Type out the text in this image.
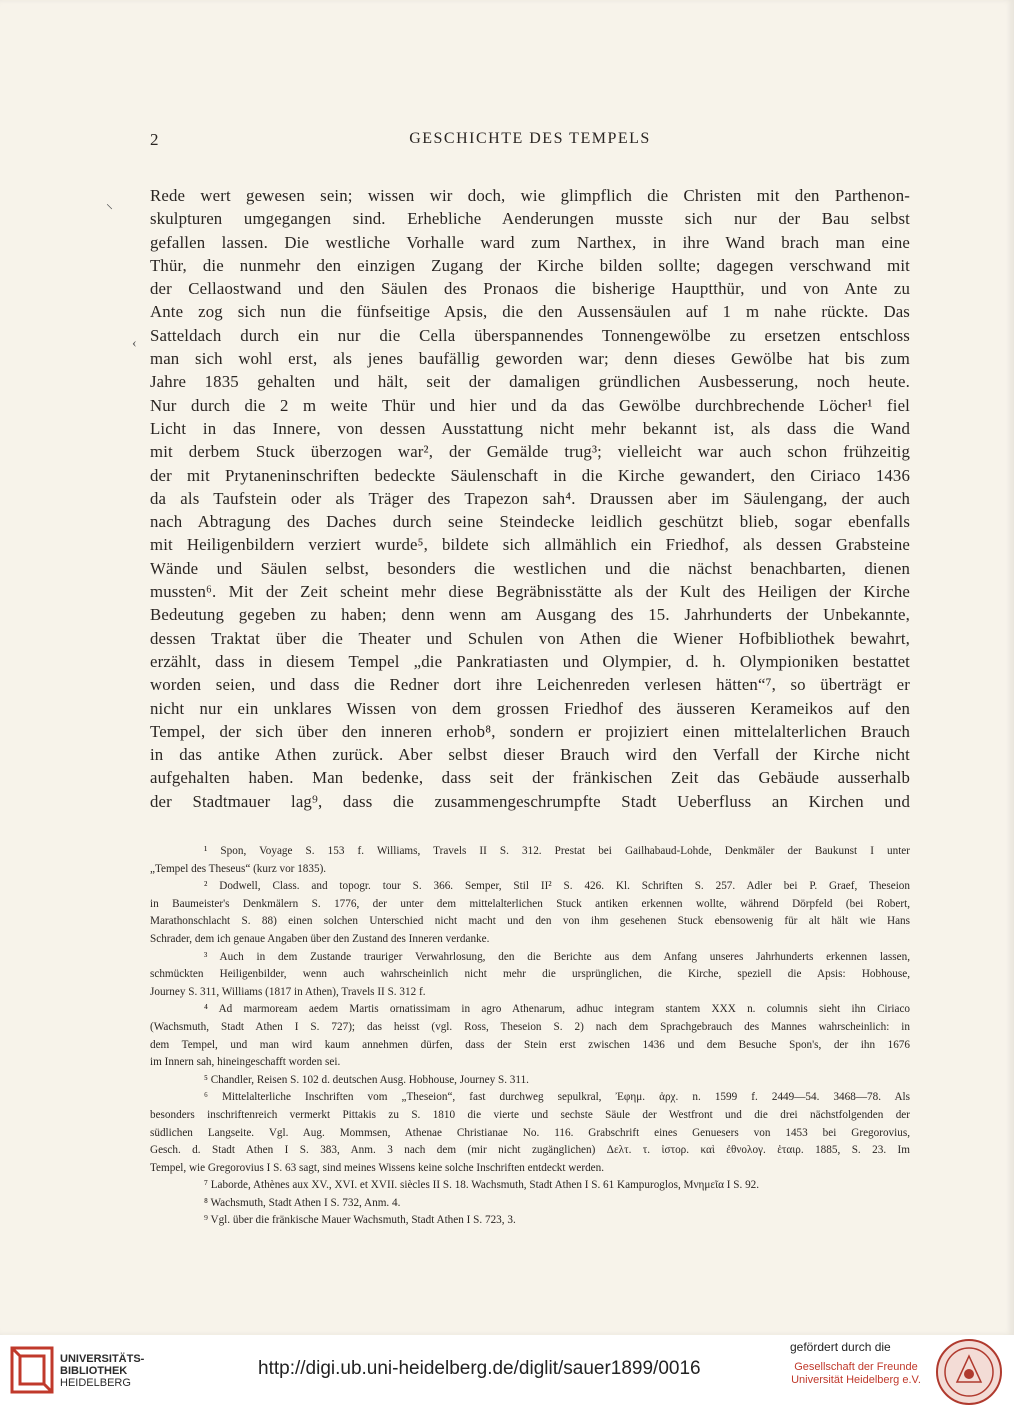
2	GESCHICHTE DES TEMPELS
Rede wert gewesen sein; wissen wir doch, wie glimpflich die Christen mit den Parthenon-
skulpturen umgegangen sind. Erhebliche Aenderungen musste sich nur der Bau selbst
gefallen lassen. Die westliche Vorhalle ward zum Narthex, in ihre Wand brach man eine
Thür, die nunmehr den einzigen Zugang der Kirche bilden sollte; dagegen verschwand mit
der Cellaostwand und den Säulen des Pronaos die bisherige Hauptthür, und von Ante zu
Ante zog sich nun die fünfseitige Apsis, die den Aussensäulen auf 1 m nahe rückte. Das
Satteldach durch ein nur die Cella überspannendes Tonnengewölbe zu ersetzen entschloss
man sich wohl erst, als jenes baufällig geworden war; denn dieses Gewölbe hat bis zum
Jahre 1835 gehalten und hält, seit der damaligen gründlichen Ausbesserung, noch heute.
Nur durch die 2 m weite Thür und hier und da das Gewölbe durchbrechende Löcher¹ fiel
Licht in das Innere, von dessen Ausstattung nicht mehr bekannt ist, als dass die Wand
mit derbem Stuck überzogen war², der Gemälde trug³; vielleicht war auch schon frühzeitig
der mit Prytaneninschriften bedeckte Säulenschaft in die Kirche gewandert, den Ciriaco 1436
da als Taufstein oder als Träger des Trapezon sah⁴. Draussen aber im Säulengang, der auch
nach Abtragung des Daches durch seine Steindecke leidlich geschützt blieb, sogar ebenfalls
mit Heiligenbildern verziert wurde⁵, bildete sich allmählich ein Friedhof, als dessen Grabsteine
Wände und Säulen selbst, besonders die westlichen und die nächst benachbarten, dienen
mussten⁶. Mit der Zeit scheint mehr diese Begräbnisstätte als der Kult des Heiligen der Kirche
Bedeutung gegeben zu haben; denn wenn am Ausgang des 15. Jahrhunderts der Unbekannte,
dessen Traktat über die Theater und Schulen von Athen die Wiener Hofbibliothek bewahrt,
erzählt, dass in diesem Tempel „die Pankratiasten und Olympier, d. h. Olympioniken bestattet
worden seien, und dass die Redner dort ihre Leichenreden verlesen hätten“⁷, so überträgt er
nicht nur ein unklares Wissen von dem grossen Friedhof des äusseren Kerameikos auf den
Tempel, der sich über den inneren erhob⁸, sondern er projiziert einen mittelalterlichen Brauch
in das antike Athen zurück. Aber selbst dieser Brauch wird den Verfall der Kirche nicht
aufgehalten haben. Man bedenke, dass seit der fränkischen Zeit das Gebäude ausserhalb
der Stadtmauer lag⁹, dass die zusammengeschrumpfte Stadt Ueberfluss an Kirchen und
¹ Spon, Voyage S. 153 f. Williams, Travels II S. 312. Prestat bei Gailhabaud-Lohde, Denkmäler der Baukunst I unter
„Tempel des Theseus“ (kurz vor 1835).
² Dodwell, Class. and topogr. tour S. 366. Semper, Stil II² S. 426. Kl. Schriften S. 257. Adler bei P. Graef, Theseion
in Baumeister's Denkmälern S. 1776, der unter dem mittelalterlichen Stuck antiken erkennen wollte, während Dörpfeld (bei Robert,
Marathonschlacht S. 88) einen solchen Unterschied nicht macht und den von ihm gesehenen Stuck ebensowenig für alt hält wie Hans
Schrader, dem ich genaue Angaben über den Zustand des Inneren verdanke.
³ Auch in dem Zustande trauriger Verwahrlosung, den die Berichte aus dem Anfang unseres Jahrhunderts erkennen lassen,
schmückten Heiligenbilder, wenn auch wahrscheinlich nicht mehr die ursprünglichen, die Kirche, speziell die Apsis: Hobhouse,
Journey S. 311, Williams (1817 in Athen), Travels II S. 312 f.
⁴ Ad marmoream aedem Martis ornatissimam in agro Athenarum, adhuc integram stantem XXX n. columnis sieht ihn Ciriaco
(Wachsmuth, Stadt Athen I S. 727); das heisst (vgl. Ross, Theseion S. 2) nach dem Sprachgebrauch des Mannes wahrscheinlich: in
dem Tempel, und man wird kaum annehmen dürfen, dass der Stein erst zwischen 1436 und dem Besuche Spon's, der ihn 1676
im Innern sah, hineingeschafft worden sei.
⁵ Chandler, Reisen S. 102 d. deutschen Ausg. Hobhouse, Journey S. 311.
⁶ Mittelalterliche Inschriften vom „Theseion“, fast durchweg sepulkral, Ἐφημ. ἀρχ. n. 1599 f. 2449—54. 3468—78. Als
besonders inschriftenreich vermerkt Pittakis zu S. 1810 die vierte und sechste Säule der Westfront und die drei nächstfolgenden der
südlichen Langseite. Vgl. Aug. Mommsen, Athenae Christianae No. 116. Grabschrift eines Genuesers von 1453 bei Gregorovius,
Gesch. d. Stadt Athen I S. 383, Anm. 3 nach dem (mir nicht zugänglichen) Δελτ. τ. ἱστορ. καὶ ἐθνολογ. ἑταιρ. 1885, S. 23. Im
Tempel, wie Gregorovius I S. 63 sagt, sind meines Wissens keine solche Inschriften entdeckt werden.
⁷ Laborde, Athènes aux XV., XVI. et XVII. siècles II S. 18. Wachsmuth, Stadt Athen I S. 61 Kampuroglos, Μνημεῖα I S. 92.
⁸ Wachsmuth, Stadt Athen I S. 732, Anm. 4.
⁹ Vgl. über die fränkische Mauer Wachsmuth, Stadt Athen I S. 723, 3.
⸌
‹
UNIVERSITÄTS-
BIBLIOTHEK
HEIDELBERG
http://digi.ub.uni-heidelberg.de/diglit/sauer1899/0016
gefördert durch die
Gesellschaft der Freunde
Universität Heidelberg e.V.
